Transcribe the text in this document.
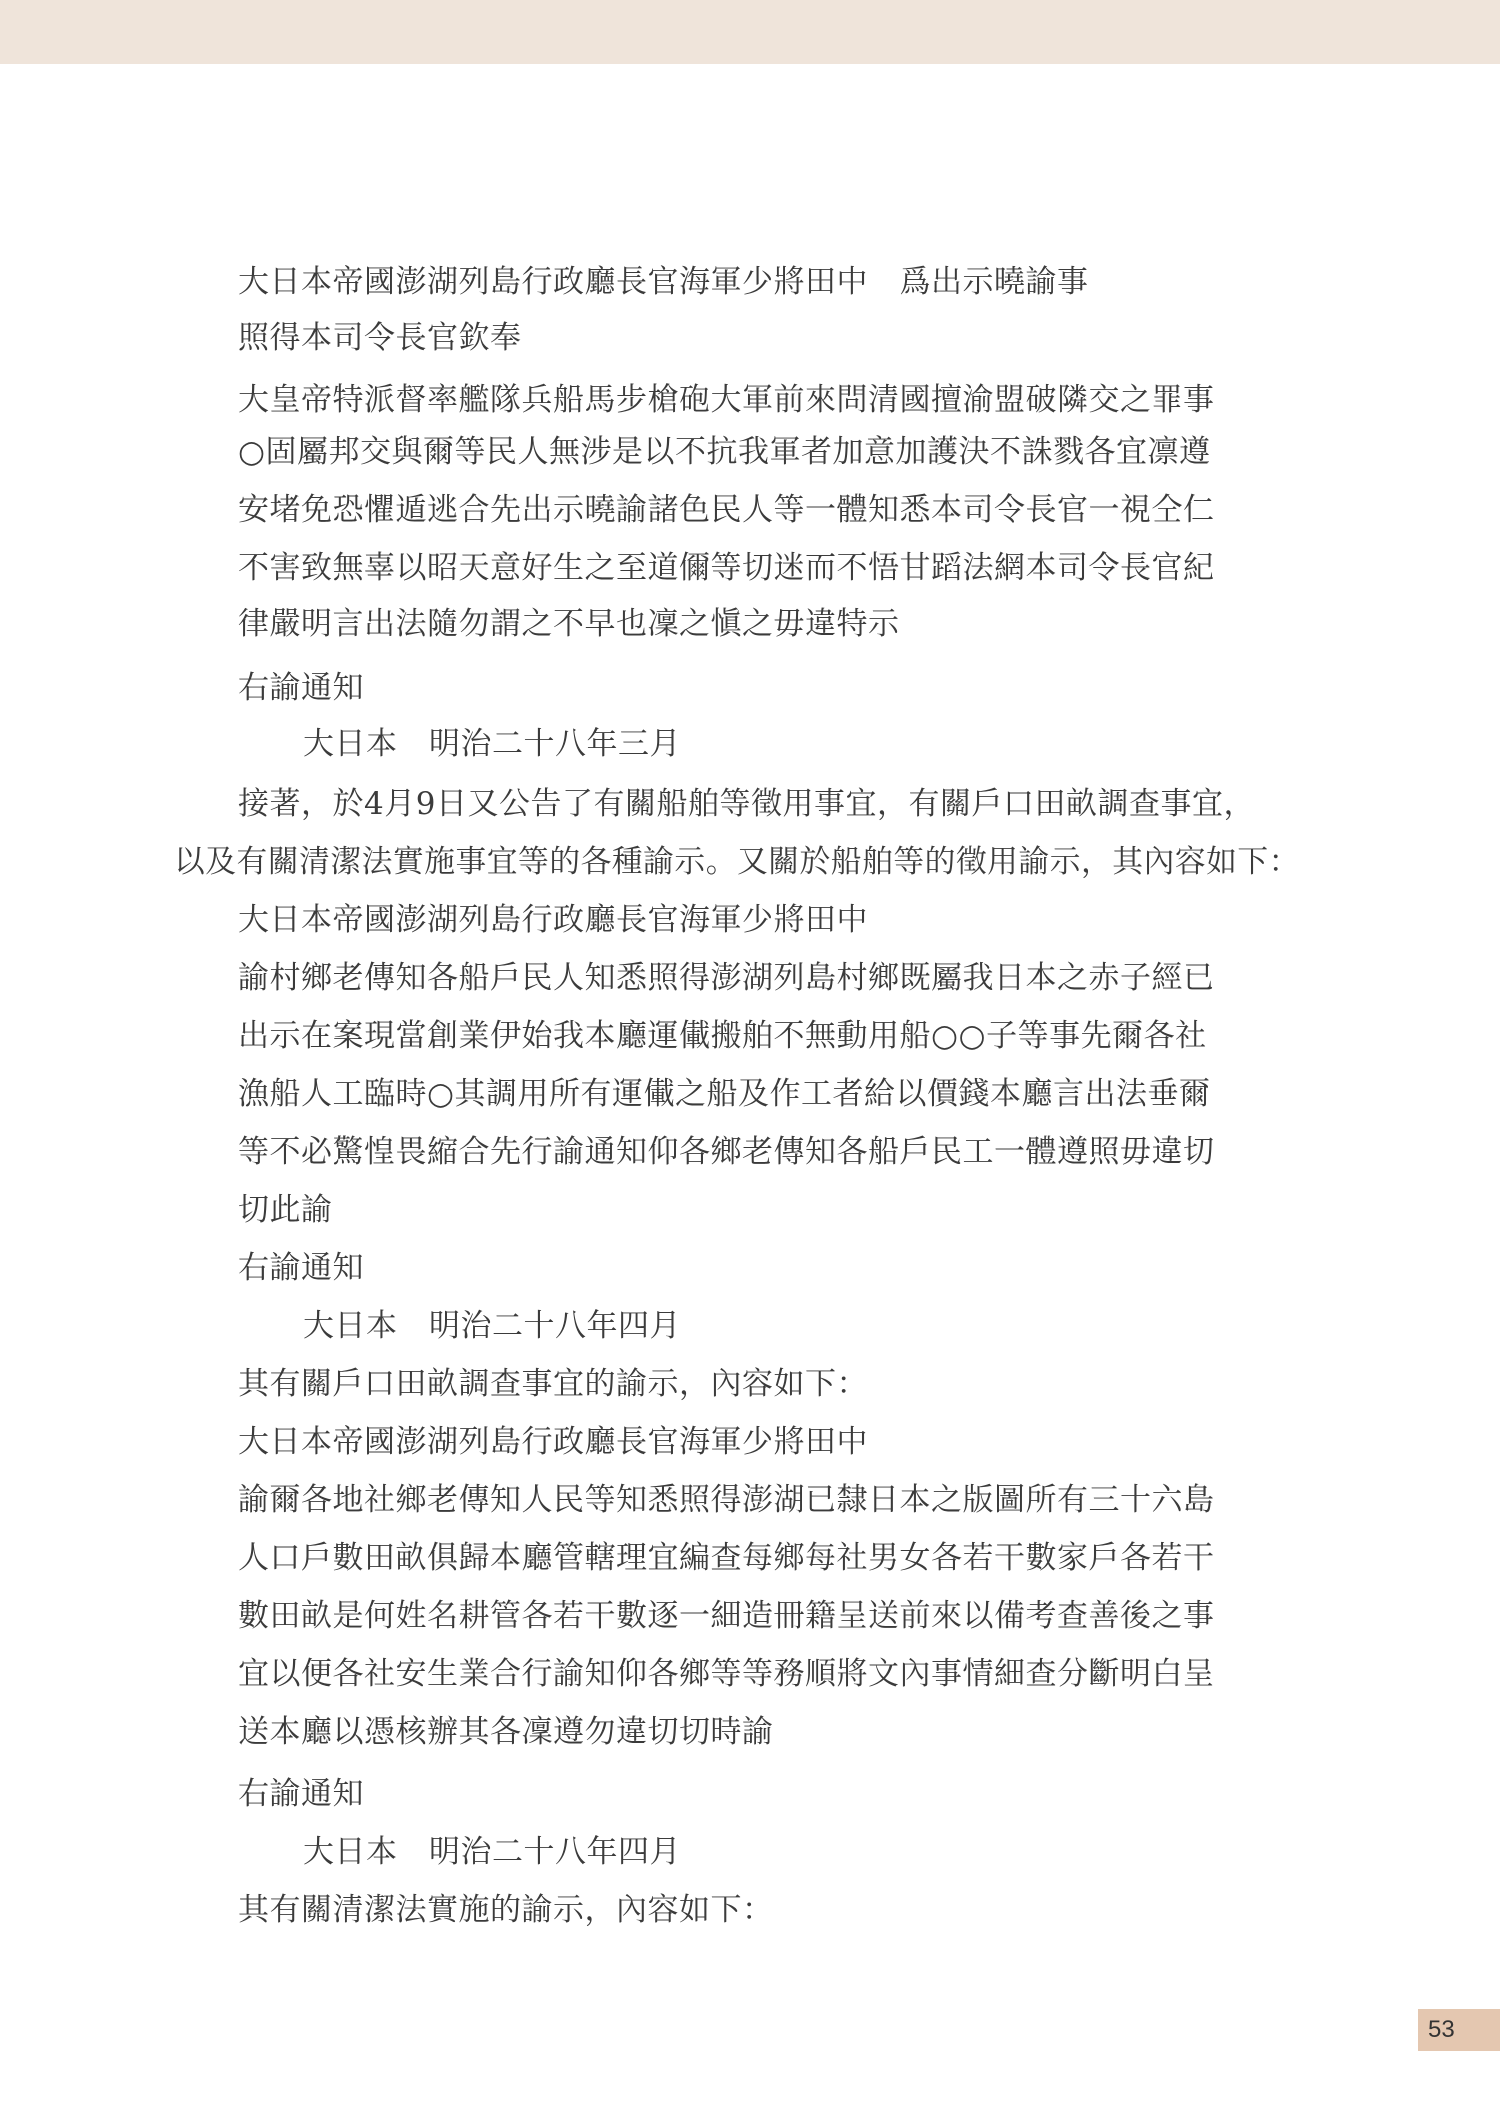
大日本帝國澎湖列島行政廳長官海軍少將田中　爲出示曉諭事
照得本司令長官欽奉
大皇帝特派督率艦隊兵船馬步槍砲大軍前來問清國擅渝盟破隣交之罪事
○固屬邦交與爾等民人無涉是以不抗我軍者加意加護決不誅戮各宜凛遵
安堵免恐懼遁逃合先出示曉諭諸色民人等一體知悉本司令長官一視仝仁
不害致無辜以昭天意好生之至道儞等切迷而不悟甘蹈法網本司令長官紀
律嚴明言出法隨勿謂之不早也凜之愼之毋違特示
右諭通知
大日本　明治二十八年三月
接著，於4月9日又公告了有關船舶等徵用事宜，有關戶口田畝調查事宜，
以及有關清潔法實施事宜等的各種諭示。又關於船舶等的徵用諭示，其內容如下：
大日本帝國澎湖列島行政廳長官海軍少將田中
諭村鄉老傳知各船戶民人知悉照得澎湖列島村鄉既屬我日本之赤子經已
出示在案現當創業伊始我本廳運儎搬舶不無動用船○○子等事先爾各社
漁船人工臨時○其調用所有運儎之船及作工者給以價錢本廳言出法垂爾
等不必驚惶畏縮合先行諭通知仰各鄉老傳知各船戶民工一體遵照毋違切
切此諭
右諭通知
大日本　明治二十八年四月
其有關戶口田畝調查事宜的諭示，內容如下：
大日本帝國澎湖列島行政廳長官海軍少將田中
諭爾各地社鄉老傳知人民等知悉照得澎湖已隸日本之版圖所有三十六島
人口戶數田畝俱歸本廳管轄理宜編查每鄉每社男女各若干數家戶各若干
數田畝是何姓名耕管各若干數逐一細造冊籍呈送前來以備考查善後之事
宜以便各社安生業合行諭知仰各鄉等等務順將文內事情細查分斷明白呈
送本廳以憑核辦其各凜遵勿違切切時諭
右諭通知
大日本　明治二十八年四月
其有關清潔法實施的諭示，內容如下：
53
